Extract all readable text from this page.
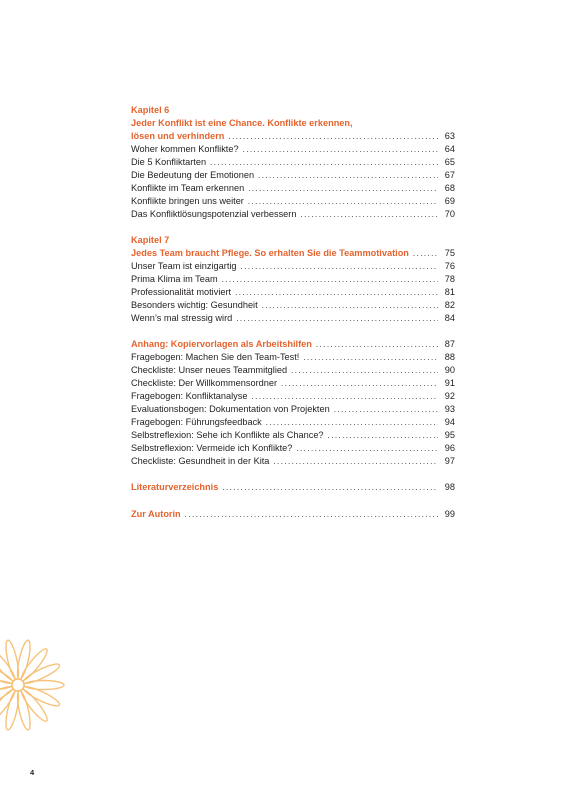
Kapitel 6
Jeder Konflikt ist eine Chance. Konflikte erkennen,
lösen und verhindern . . .	63
Woher kommen Konflikte? . . .	64
Die 5 Konfliktarten . . .	65
Die Bedeutung der Emotionen . . .	67
Konflikte im Team erkennen . . .	68
Konflikte bringen uns weiter . . .	69
Das Konfliktlösungspotenzial verbessern . . .	70
Kapitel 7
Jedes Team braucht Pflege. So erhalten Sie die Teammotivation . . .	75
Unser Team ist einzigartig . . .	76
Prima Klima im Team . . .	78
Professionalität motiviert . . .	81
Besonders wichtig: Gesundheit . . .	82
Wenn’s mal stressig wird . . .	84
Anhang: Kopiervorlagen als Arbeitshilfen . . .	87
Fragebogen: Machen Sie den Team-Test! . . .	88
Checkliste: Unser neues Teammitglied . . .	90
Checkliste: Der Willkommensordner . . .	91
Fragebogen: Konfliktanalyse . . .	92
Evaluationsbogen: Dokumentation von Projekten . . .	93
Fragebogen: Führungsfeedback . . .	94
Selbstreflexion: Sehe ich Konflikte als Chance? . . .	95
Selbstreflexion: Vermeide ich Konflikte? . . .	96
Checkliste: Gesundheit in der Kita . . .	97
Literaturverzeichnis . . .	98
Zur Autorin . . .	99
4
